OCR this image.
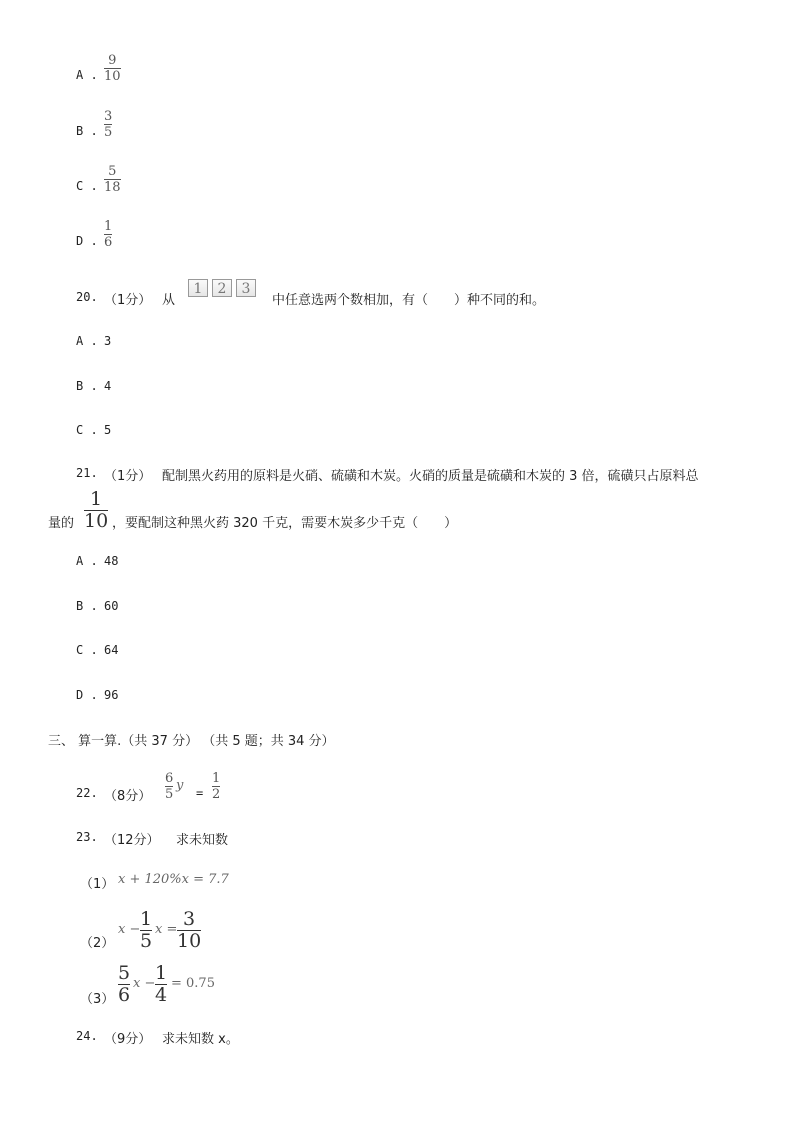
A .
9
10
B .
3
5
C .
5
18
D .
1
6
20. （1分） 从
1	2	3
中任意选两个数相加，有（　　）种不同的和。
A . 3
B . 4
C . 5
21. （1分） 配制黑火药用的原料是火硝、硫磺和木炭。火硝的质量是硫磺和木炭的 3 倍，硫磺只占原料总
量的
1
10 ，要配制这种黑火药 320 千克，需要木炭多少千克（　　）
A . 48
B . 60
C . 64
D . 96
三、 算一算.（共 37 分） （共 5 题；共 34 分）
22. （8分）
6
5
y =
1
2
23. （12分） 求未知数
（1） x + 120%x = 7.7
（2）
x − 1
5
x = 3
10
（3）
5
6
x − 1
4
= 0.75
24. （9分） 求未知数 x。
